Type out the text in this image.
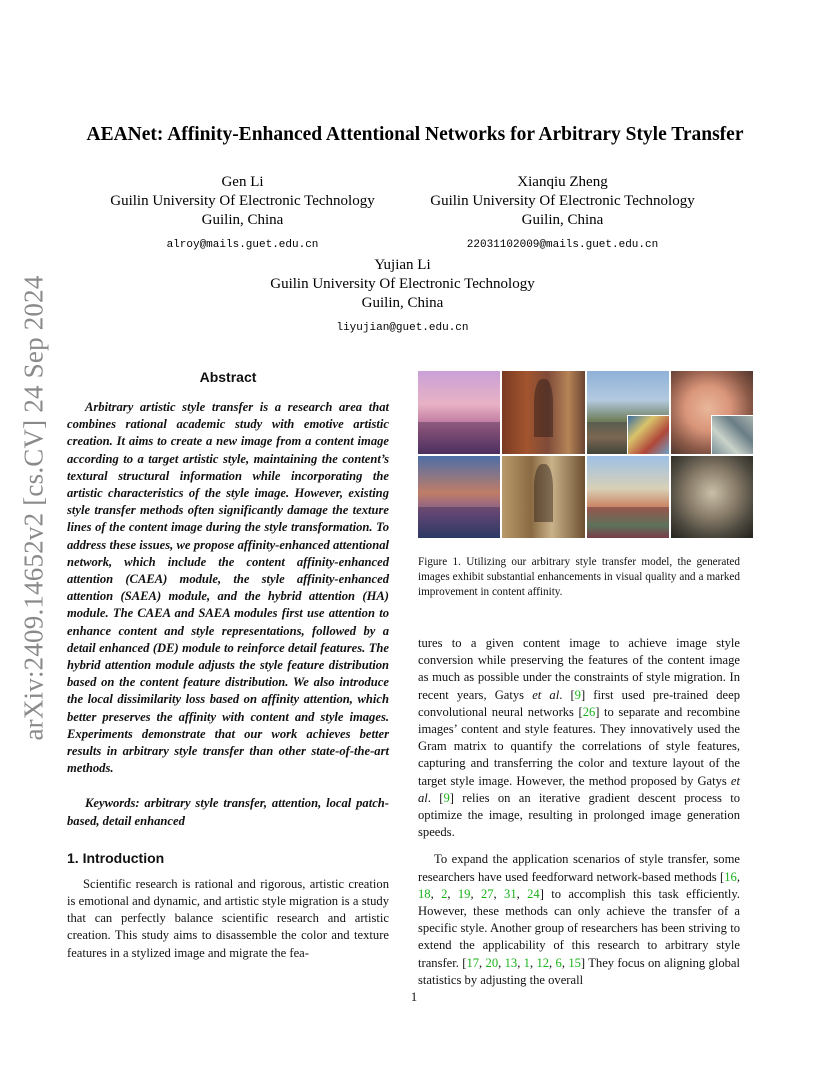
arXiv:2409.14652v2 [cs.CV] 24 Sep 2024
AEANet: Affinity-Enhanced Attentional Networks for Arbitrary Style Transfer
Gen Li
Guilin University Of Electronic Technology
Guilin, China
alroy@mails.guet.edu.cn
Xianqiu Zheng
Guilin University Of Electronic Technology
Guilin, China
22031102009@mails.guet.edu.cn
Yujian Li
Guilin University Of Electronic Technology
Guilin, China
liyujian@guet.edu.cn
Abstract

Arbitrary artistic style transfer is a research area that combines rational academic study with emotive artistic creation. It aims to create a new image from a content image according to a target artistic style, maintaining the content’s textural structural information while incorporating the artistic characteristics of the style image. However, existing style transfer methods often significantly damage the texture lines of the content image during the style transformation. To address these issues, we propose affinity-enhanced attentional network, which include the content affinity-enhanced attention (CAEA) module, the style affinity-enhanced attention (SAEA) module, and the hybrid attention (HA) module. The CAEA and SAEA modules first use attention to enhance content and style representations, followed by a detail enhanced (DE) module to reinforce detail features. The hybrid attention module adjusts the style feature distribution based on the content feature distribution. We also introduce the local dissimilarity loss based on affinity attention, which better preserves the affinity with content and style images. Experiments demonstrate that our work achieves better results in arbitrary style transfer than other state-of-the-art methods.

Keywords: arbitrary style transfer, attention, local patch-based, detail enhanced

1. Introduction

Scientific research is rational and rigorous, artistic creation is emotional and dynamic, and artistic style migration is a study that can perfectly balance scientific research and artistic creation. This study aims to disassemble the color and texture features in a stylized image and migrate the fea-

Figure 1. Utilizing our arbitrary style transfer model, the generated images exhibit substantial enhancements in visual quality and a marked improvement in content affinity.

tures to a given content image to achieve image style conversion while preserving the features of the content image as much as possible under the constraints of style migration. In recent years, Gatys et al. [9] first used pre-trained deep convolutional neural networks [26] to separate and recombine images’ content and style features. They innovatively used the Gram matrix to quantify the correlations of style features, capturing and transferring the color and texture layout of the target style image. However, the method proposed by Gatys et al. [9] relies on an iterative gradient descent process to optimize the image, resulting in prolonged image generation speeds.

To expand the application scenarios of style transfer, some researchers have used feedforward network-based methods [16, 18, 2, 19, 27, 31, 24] to accomplish this task efficiently. However, these methods can only achieve the transfer of a specific style. Another group of researchers has been striving to extend the applicability of this research to arbitrary style transfer. [17, 20, 13, 1, 12, 6, 15] They focus on aligning global statistics by adjusting the overall

1
